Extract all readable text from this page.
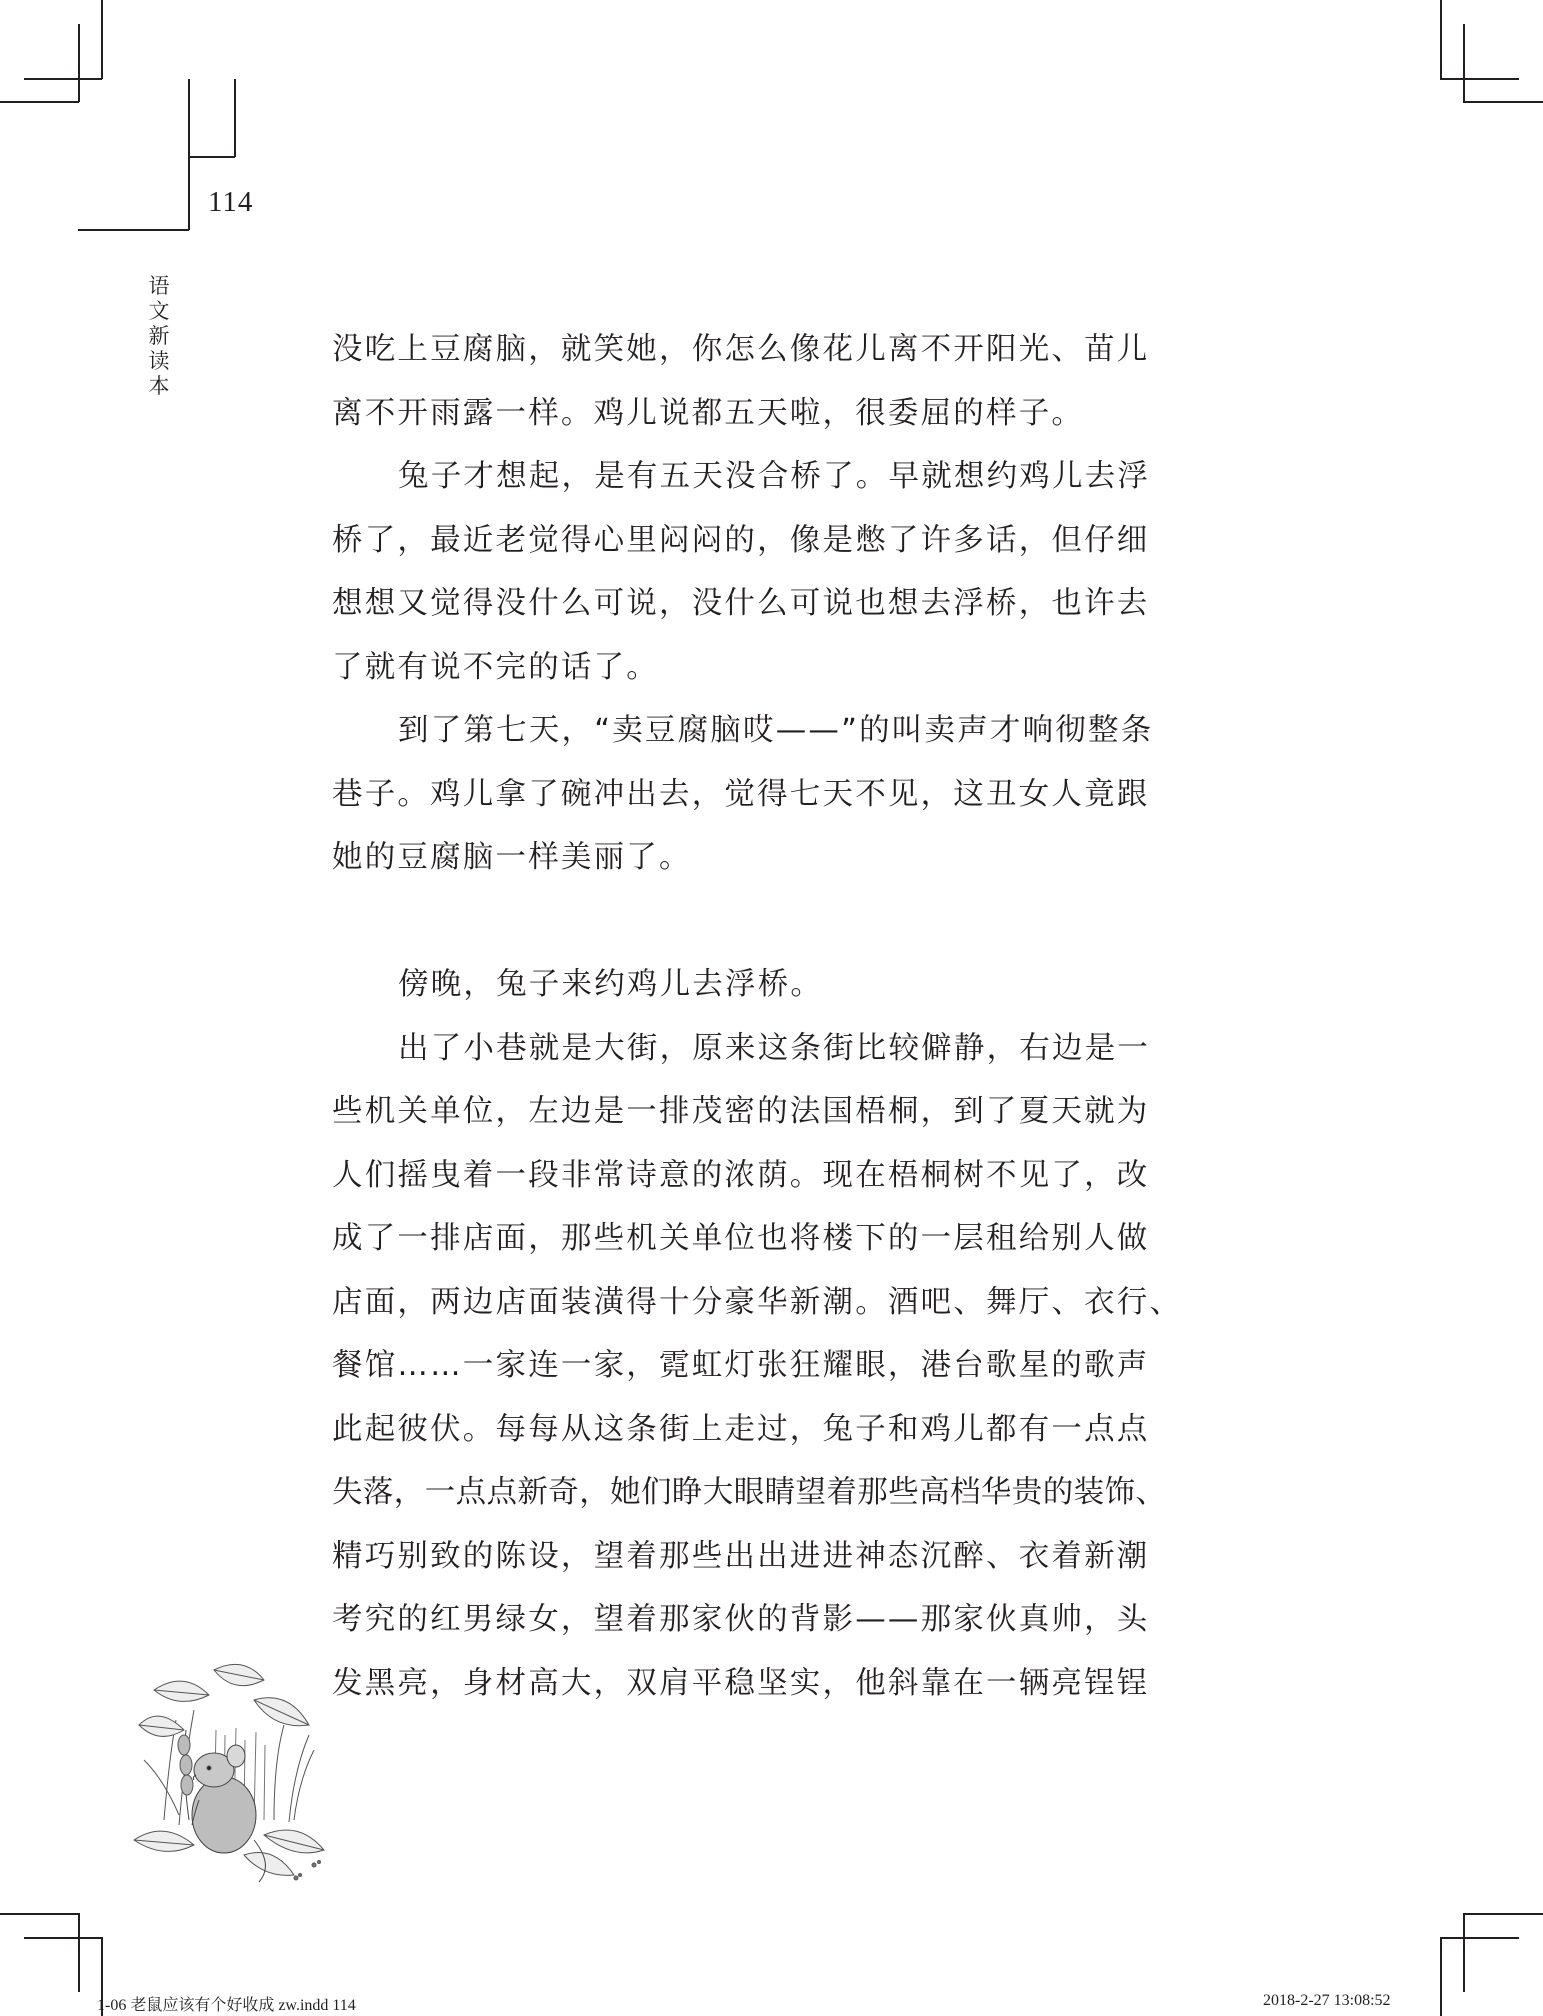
114
语
文
新
读
本

没吃上豆腐脑，就笑她，你怎么像花儿离不开阳光、苗儿
离不开雨露一样。鸡儿说都五天啦，很委屈的样子。

兔子才想起，是有五天没合桥了。早就想约鸡儿去浮
桥了，最近老觉得心里闷闷的，像是憋了许多话，但仔细
想想又觉得没什么可说，没什么可说也想去浮桥，也许去
了就有说不完的话了。

到了第七天，“卖豆腐脑哎——”的叫卖声才响彻整条
巷子。鸡儿拿了碗冲出去，觉得七天不见，这丑女人竟跟
她的豆腐脑一样美丽了。

傍晚，兔子来约鸡儿去浮桥。

出了小巷就是大街，原来这条街比较僻静，右边是一
些机关单位，左边是一排茂密的法国梧桐，到了夏天就为
人们摇曳着一段非常诗意的浓荫。现在梧桐树不见了，改
成了一排店面，那些机关单位也将楼下的一层租给别人做
店面，两边店面装潢得十分豪华新潮。酒吧、舞厅、衣行、
餐馆……一家连一家，霓虹灯张狂耀眼，港台歌星的歌声
此起彼伏。每每从这条街上走过，兔子和鸡儿都有一点点
失落，一点点新奇，她们睁大眼睛望着那些高档华贵的装饰、
精巧别致的陈设，望着那些出出进进神态沉醉、衣着新潮
考究的红男绿女，望着那家伙的背影——那家伙真帅，头
发黑亮，身材高大，双肩平稳坚实，他斜靠在一辆亮锃锃

1-06 老鼠应该有个好收成 zw.indd 114	2018-2-27 13:08:52
